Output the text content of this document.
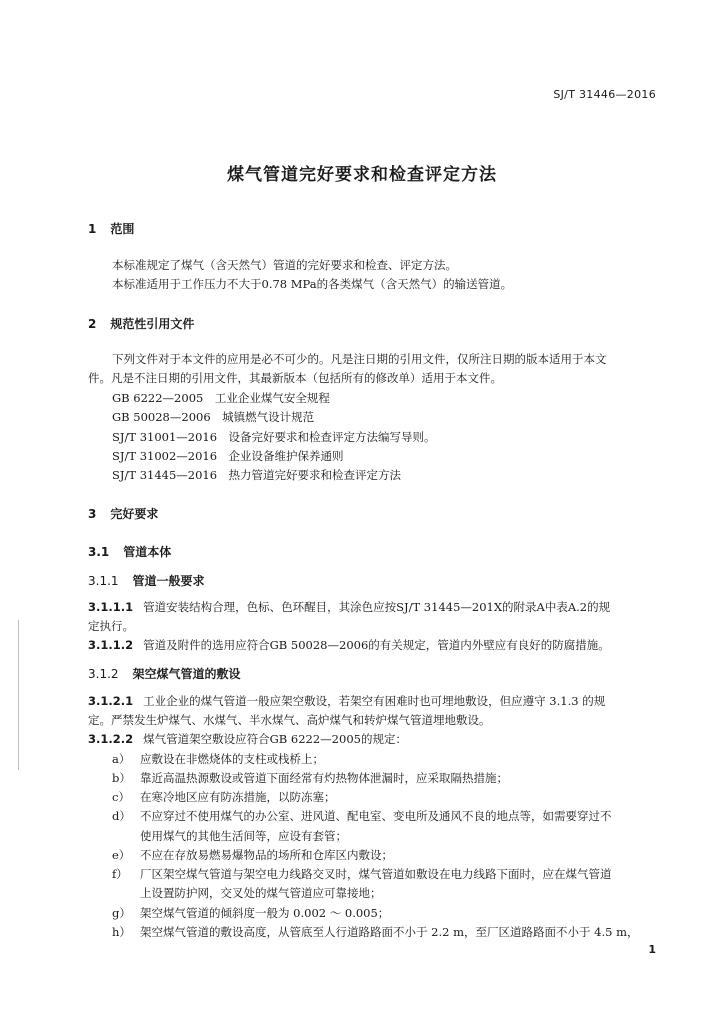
SJ/T 31446—2016
煤气管道完好要求和检查评定方法
1 范围
本标准规定了煤气（含天然气）管道的完好要求和检查、评定方法。
本标准适用于工作压力不大于0.78 MPa的各类煤气（含天然气）的输送管道。
2 规范性引用文件
下列文件对于本文件的应用是必不可少的。凡是注日期的引用文件，仅所注日期的版本适用于本文
件。凡是不注日期的引用文件，其最新版本（包括所有的修改单）适用于本文件。
GB 6222—2005　工业企业煤气安全规程
GB 50028—2006　城镇燃气设计规范
SJ/T 31001—2016　设备完好要求和检查评定方法编写导则。
SJ/T 31002—2016　企业设备维护保养通则
SJ/T 31445—2016　热力管道完好要求和检查评定方法
3 完好要求
3.1 管道本体
3.1.1 管道一般要求
3.1.1.1 管道安装结构合理，色标、色环醒目，其涂色应按SJ/T 31445—201X的附录A中表A.2的规
定执行。
3.1.1.2 管道及附件的选用应符合GB 50028—2006的有关规定，管道内外壁应有良好的防腐措施。
3.1.2 架空煤气管道的敷设
3.1.2.1 工业企业的煤气管道一般应架空敷设，若架空有困难时也可埋地敷设，但应遵守 3.1.3 的规
定。严禁发生炉煤气、水煤气、半水煤气、高炉煤气和转炉煤气管道埋地敷设。
3.1.2.2 煤气管道架空敷设应符合GB 6222—2005的规定：
a） 应敷设在非燃烧体的支柱或栈桥上；
b） 靠近高温热源敷设或管道下面经常有灼热物体泄漏时，应采取隔热措施；
c） 在寒冷地区应有防冻措施，以防冻塞；
d） 不应穿过不使用煤气的办公室、进风道、配电室、变电所及通风不良的地点等，如需要穿过不
使用煤气的其他生活间等，应设有套管；
e） 不应在存放易燃易爆物品的场所和仓库区内敷设；
f） 厂区架空煤气管道与架空电力线路交叉时，煤气管道如敷设在电力线路下面时，应在煤气管道
上设置防护网，交叉处的煤气管道应可靠接地；
g） 架空煤气管道的倾斜度一般为 0.002 ～ 0.005；
h） 架空煤气管道的敷设高度，从管底至人行道路路面不小于 2.2 m，至厂区道路路面不小于 4.5 m，
1
